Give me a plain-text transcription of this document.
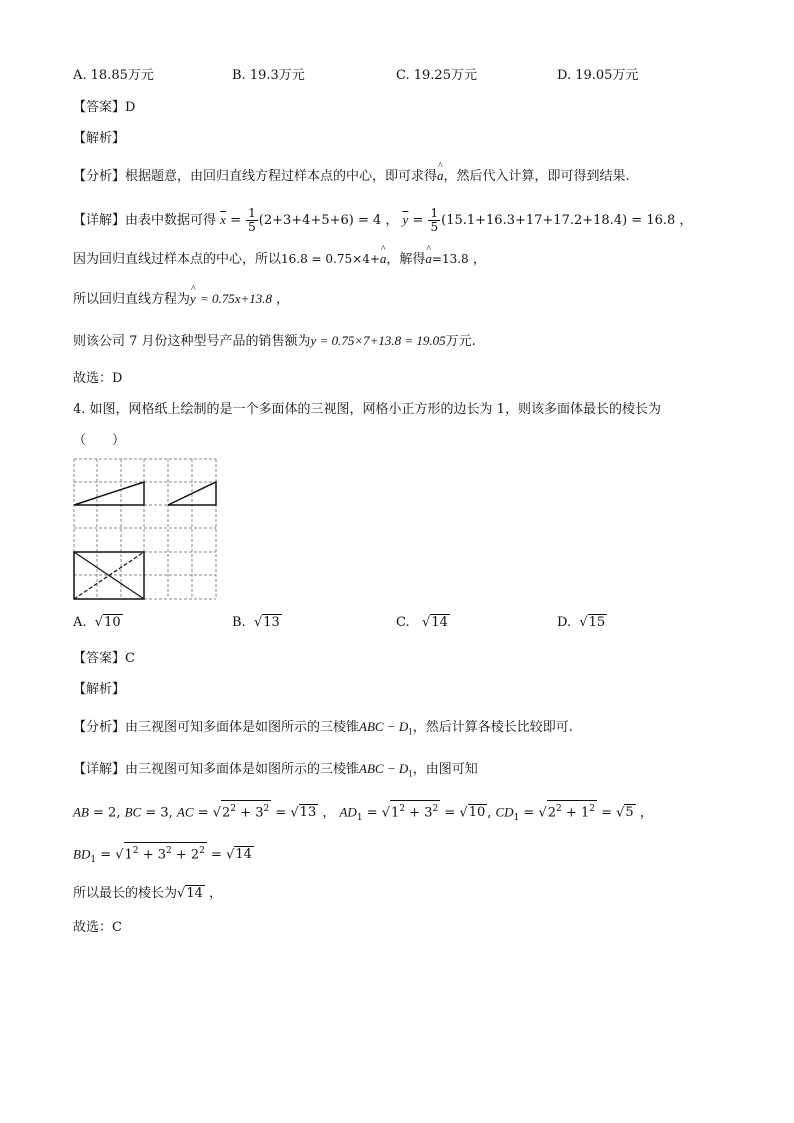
A. 18.85万元	B. 19.3万元	C. 19.25万元	D. 19.05万元
【答案】D
【解析】
【分析】根据题意，由回归直线方程过样本点的中心，即可求得^ a，然后代入计算，即可得到结果.
【详解】由表中数据可得 $\overline{x} = \frac{1}{5} (2+3+4+5+6) = 4$ ， $\overline{y} = \frac{1}{5} (15.1+16.3+17+17.2+18.4) = 16.8$ ，
因为回归直线过样本点的中心，所以16.8 = 0.75×4+^ a，解得^ a=13.8 ，
所以回归直线方程为^ y = 0.75x+13.8 ，
则该公司 7 月份这种型号产品的销售额为y = 0.75×7+13.8 = 19.05万元.
故选：D
4. 如图，网格纸上绘制的是一个多面体的三视图，网格小正方形的边长为 1，则该多面体最长的棱长为
（　　）
A. √10	B. √13	C. √14	D. √15
【答案】C
【解析】
【分析】由三视图可知多面体是如图所示的三棱锥ABC − $D_1$，然后计算各棱长比较即可.
【详解】由三视图可知多面体是如图所示的三棱锥ABC − $D_1$，由图可知
AB = 2, BC = 3, AC = $√2^2 + 3^2 = √13$ ， $AD_1 = √1^2 + 3^2 = √10$ , $CD_1 = √2^2 + 1^2 = √5$ ，
$BD_1 = √1^2 + 3^2 + 2^2 = √14$
所以最长的棱长为√14 ，
故选：C
